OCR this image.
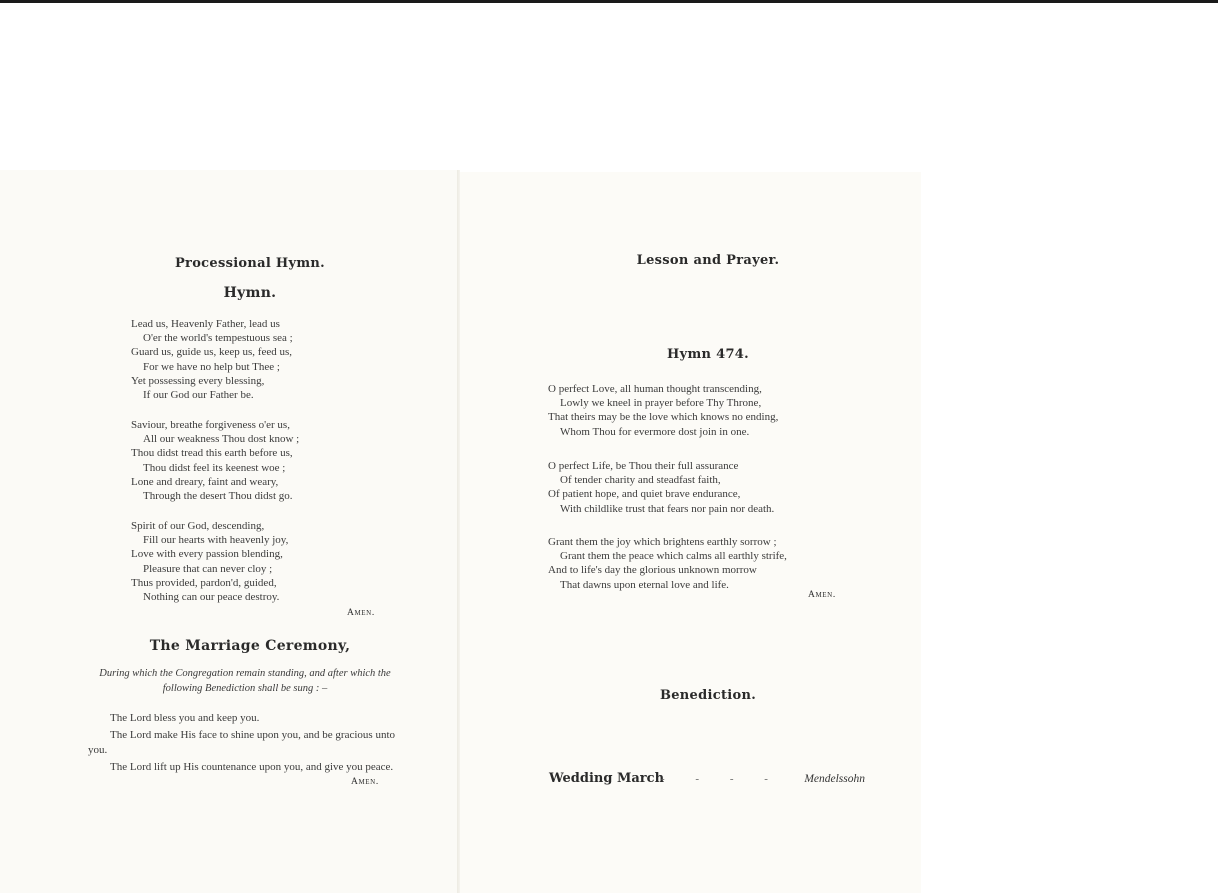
Processional Hymn.
Hymn.
Lead us, Heavenly Father, lead us
O'er the world's tempestuous sea ;
Guard us, guide us, keep us, feed us,
For we have no help but Thee ;
Yet possessing every blessing,
If our God our Father be.
Saviour, breathe forgiveness o'er us,
All our weakness Thou dost know ;
Thou didst tread this earth before us,
Thou didst feel its keenest woe ;
Lone and dreary, faint and weary,
Through the desert Thou didst go.
Spirit of our God, descending,
Fill our hearts with heavenly joy,
Love with every passion blending,
Pleasure that can never cloy ;
Thus provided, pardon'd, guided,
Nothing can our peace destroy.
Amen.
The Marriage Ceremony,
During which the Congregation remain standing, and after which the following Benediction shall be sung : –

The Lord bless you and keep you.

The Lord make His face to shine upon you, and be gracious unto you.

The Lord lift up His countenance upon you, and give you peace.

Amen.
Lesson and Prayer.
Hymn 474.
O perfect Love, all human thought transcending,
Lowly we kneel in prayer before Thy Throne,
That theirs may be the love which knows no ending,
Whom Thou for evermore dost join in one.
O perfect Life, be Thou their full assurance
Of tender charity and steadfast faith,
Of patient hope, and quiet brave endurance,
With childlike trust that fears nor pain nor death.
Grant them the joy which brightens earthly sorrow ;
Grant them the peace which calms all earthly strife,
And to life's day the glorious unknown morrow
That dawns upon eternal love and life.
Amen.
Benediction.
Wedding March
- - - - Mendelssohn
